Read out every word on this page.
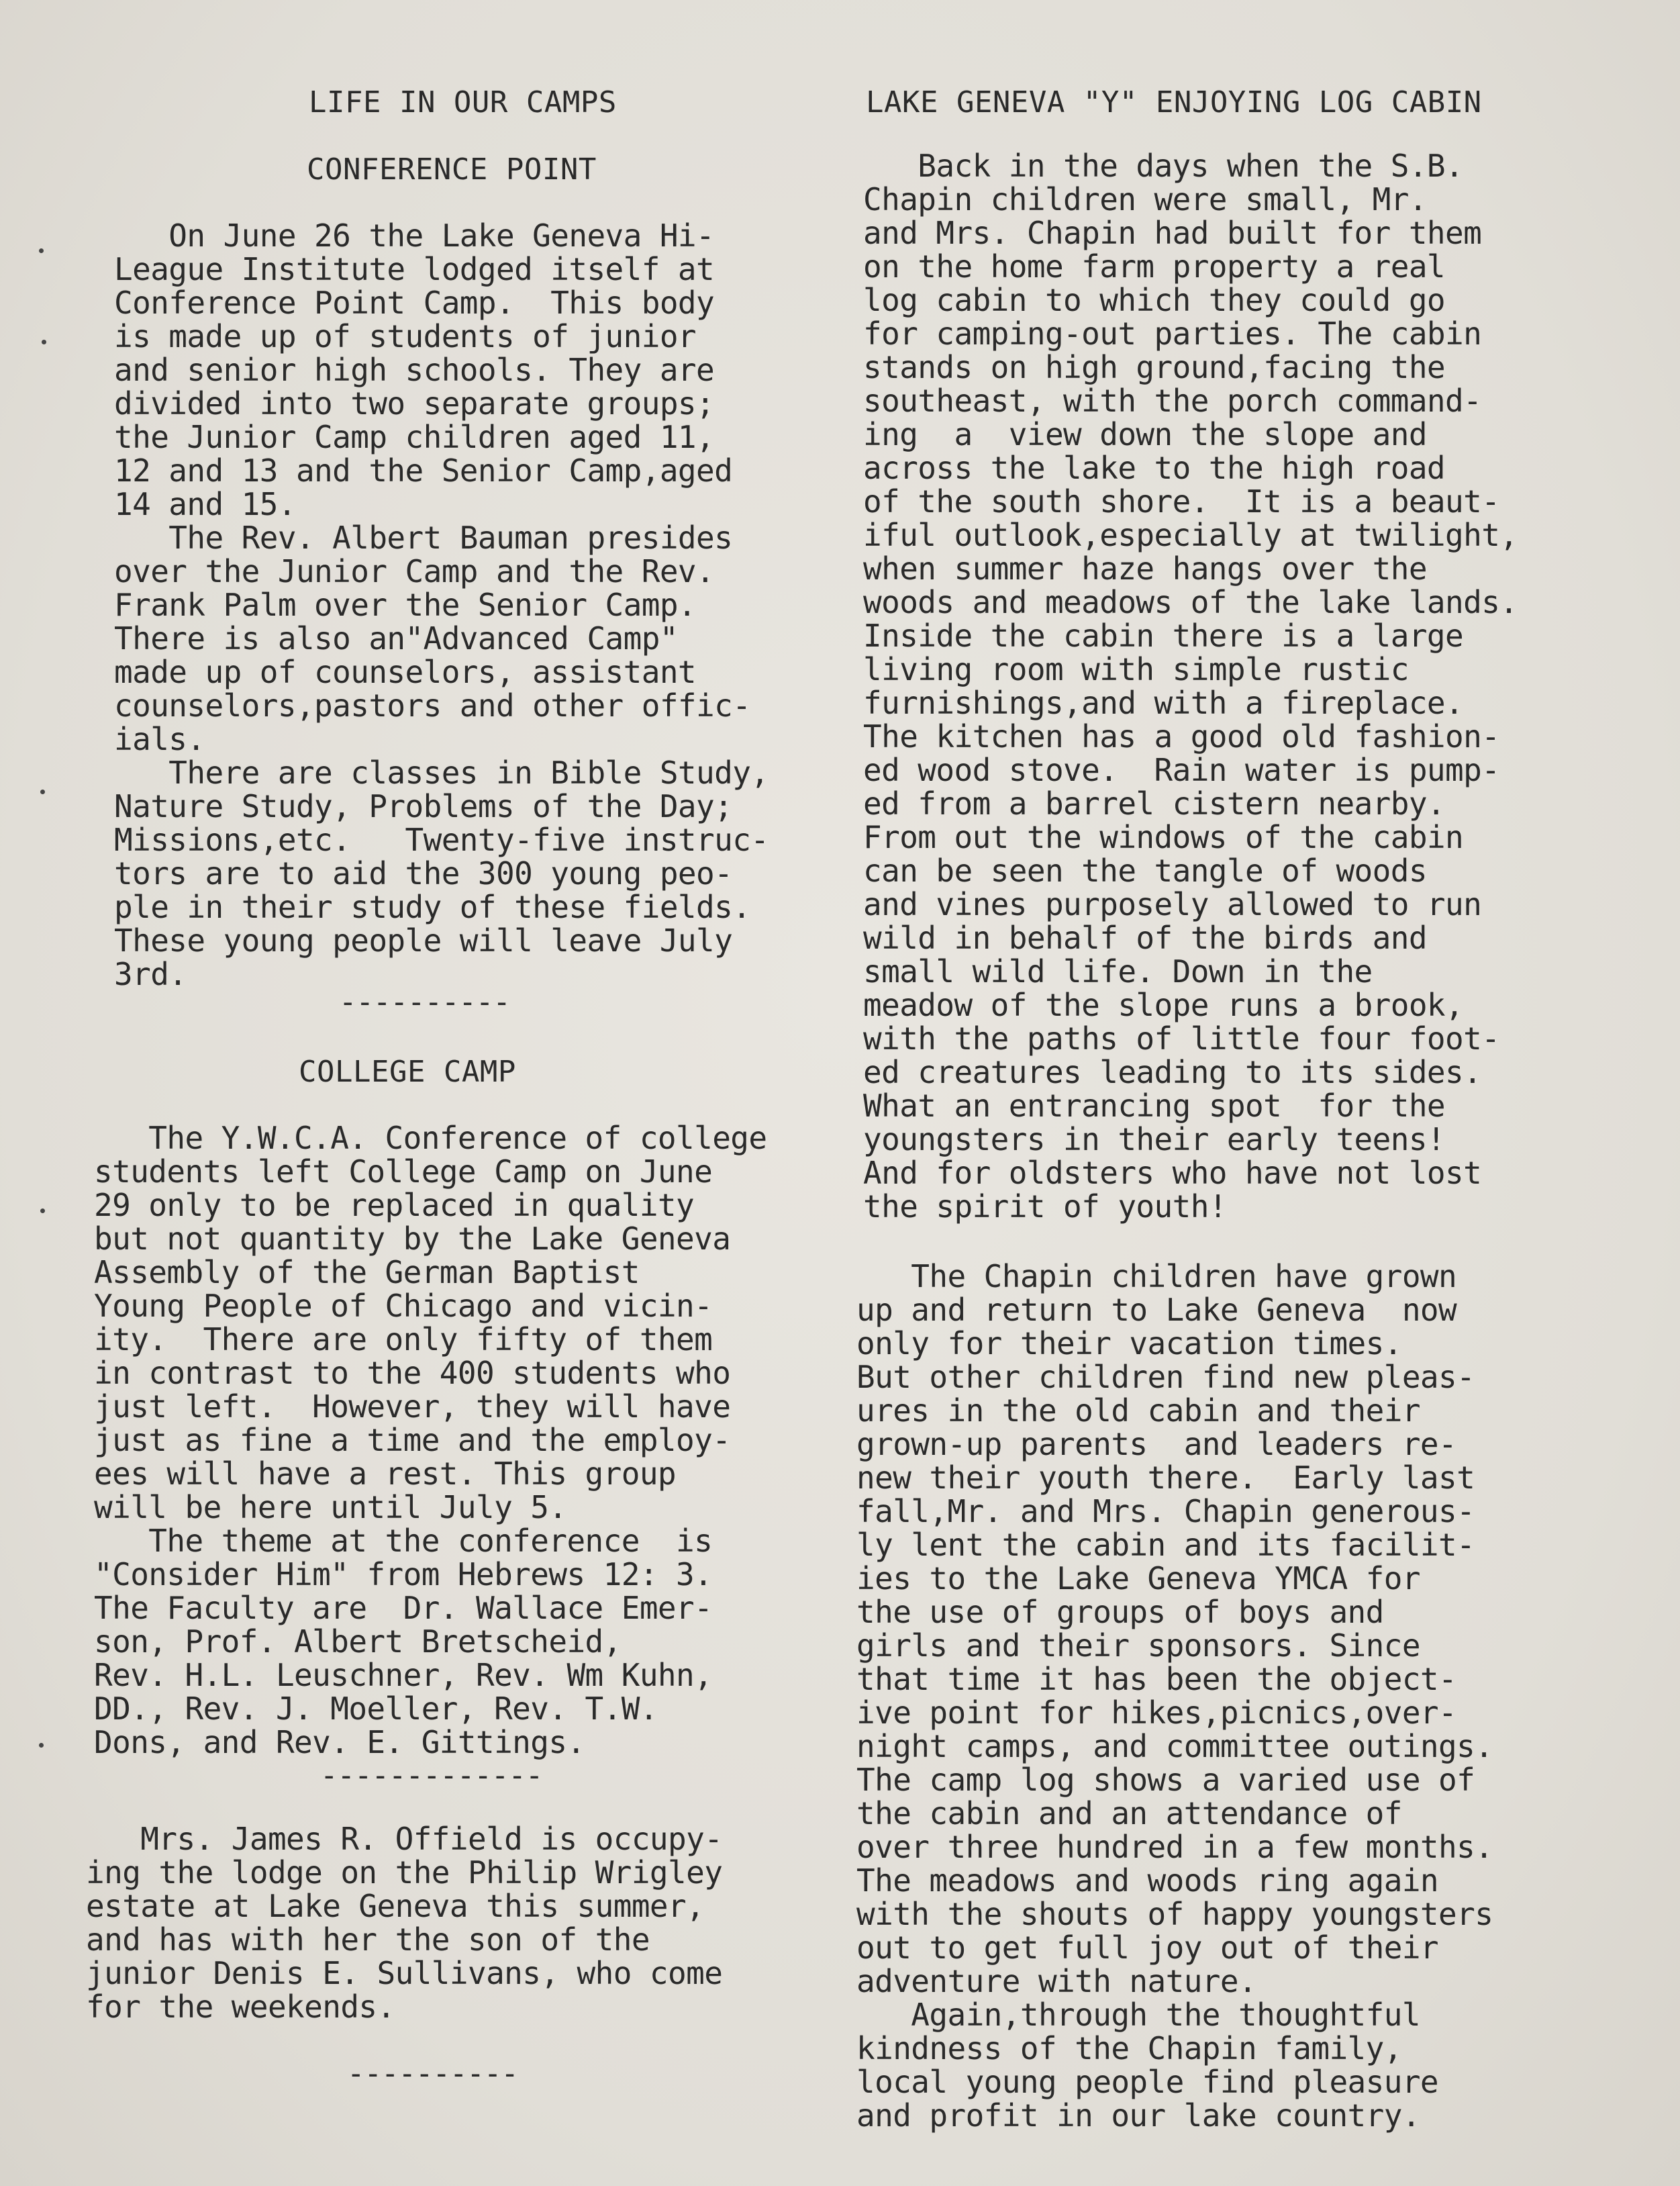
LIFE IN OUR CAMPS
CONFERENCE POINT
On June 26 the Lake Geneva Hi-
League Institute lodged itself at
Conference Point Camp.  This body
is made up of students of junior
and senior high schools. They are
divided into two separate groups;
the Junior Camp children aged 11,
12 and 13 and the Senior Camp,aged
14 and 15.
The Rev. Albert Bauman presides
over the Junior Camp and the Rev.
Frank Palm over the Senior Camp.
There is also an"Advanced Camp"
made up of counselors, assistant
counselors,pastors and other offic-
ials.
There are classes in Bible Study,
Nature Study, Problems of the Day;
Missions,etc.   Twenty-five instruc-
tors are to aid the 300 young peo-
ple in their study of these fields.
These young people will leave July
3rd.
----------
COLLEGE CAMP
The Y.W.C.A. Conference of college
students left College Camp on June
29 only to be replaced in quality
but not quantity by the Lake Geneva
Assembly of the German Baptist
Young People of Chicago and vicin-
ity.  There are only fifty of them
in contrast to the 400 students who
just left.  However, they will have
just as fine a time and the employ-
ees will have a rest. This group
will be here until July 5.
The theme at the conference  is
"Consider Him" from Hebrews 12: 3.
The Faculty are  Dr. Wallace Emer-
son, Prof. Albert Bretscheid,
Rev. H.L. Leuschner, Rev. Wm Kuhn,
DD., Rev. J. Moeller, Rev. T.W.
Dons, and Rev. E. Gittings.
-------------
Mrs. James R. Offield is occupy-
ing the lodge on the Philip Wrigley
estate at Lake Geneva this summer,
and has with her the son of the
junior Denis E. Sullivans, who come
for the weekends.
----------
LAKE GENEVA "Y" ENJOYING LOG CABIN
Back in the days when the S.B.
Chapin children were small, Mr.
and Mrs. Chapin had built for them
on the home farm property a real
log cabin to which they could go
for camping-out parties. The cabin
stands on high ground,facing the
southeast, with the porch command-
ing  a  view down the slope and
across the lake to the high road
of the south shore.  It is a beaut-
iful outlook,especially at twilight,
when summer haze hangs over the
woods and meadows of the lake lands.
Inside the cabin there is a large
living room with simple rustic
furnishings,and with a fireplace.
The kitchen has a good old fashion-
ed wood stove.  Rain water is pump-
ed from a barrel cistern nearby.
From out the windows of the cabin
can be seen the tangle of woods
and vines purposely allowed to run
wild in behalf of the birds and
small wild life. Down in the
meadow of the slope runs a brook,
with the paths of little four foot-
ed creatures leading to its sides.
What an entrancing spot  for the
youngsters in their early teens!
And for oldsters who have not lost
the spirit of youth!
The Chapin children have grown
up and return to Lake Geneva  now
only for their vacation times.
But other children find new pleas-
ures in the old cabin and their
grown-up parents  and leaders re-
new their youth there.  Early last
fall,Mr. and Mrs. Chapin generous-
ly lent the cabin and its facilit-
ies to the Lake Geneva YMCA for
the use of groups of boys and
girls and their sponsors. Since
that time it has been the object-
ive point for hikes,picnics,over-
night camps, and committee outings.
The camp log shows a varied use of
the cabin and an attendance of
over three hundred in a few months.
The meadows and woods ring again
with the shouts of happy youngsters
out to get full joy out of their
adventure with nature.
Again,through the thoughtful
kindness of the Chapin family,
local young people find pleasure
and profit in our lake country.
